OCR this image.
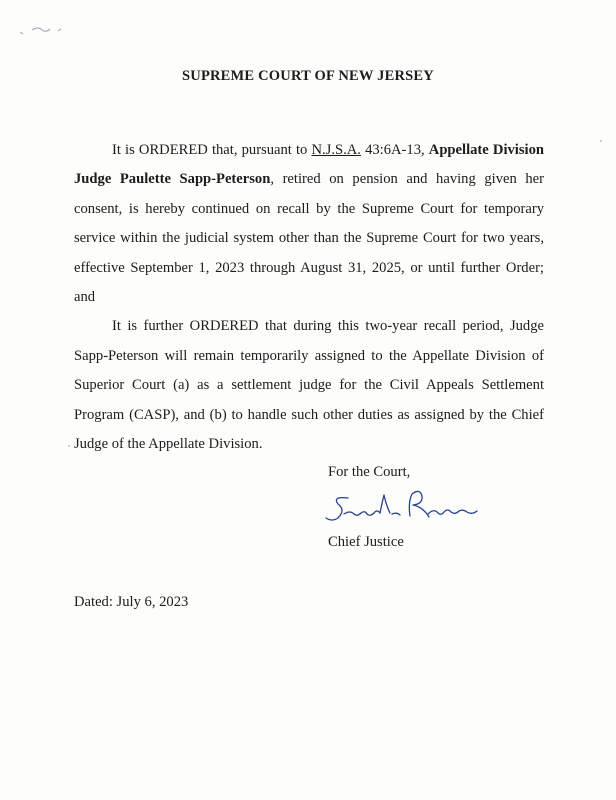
SUPREME COURT OF NEW JERSEY

It is ORDERED that, pursuant to N.J.S.A. 43:6A-13, Appellate Division Judge Paulette Sapp-Peterson, retired on pension and having given her consent, is hereby continued on recall by the Supreme Court for temporary service within the judicial system other than the Supreme Court for two years, effective September 1, 2023 through August 31, 2025, or until further Order; and

It is further ORDERED that during this two-year recall period, Judge Sapp-Peterson will remain temporarily assigned to the Appellate Division of Superior Court (a) as a settlement judge for the Civil Appeals Settlement Program (CASP), and (b) to handle such other duties as assigned by the Chief Judge of the Appellate Division.

For the Court,
Chief Justice
Dated: July 6, 2023
